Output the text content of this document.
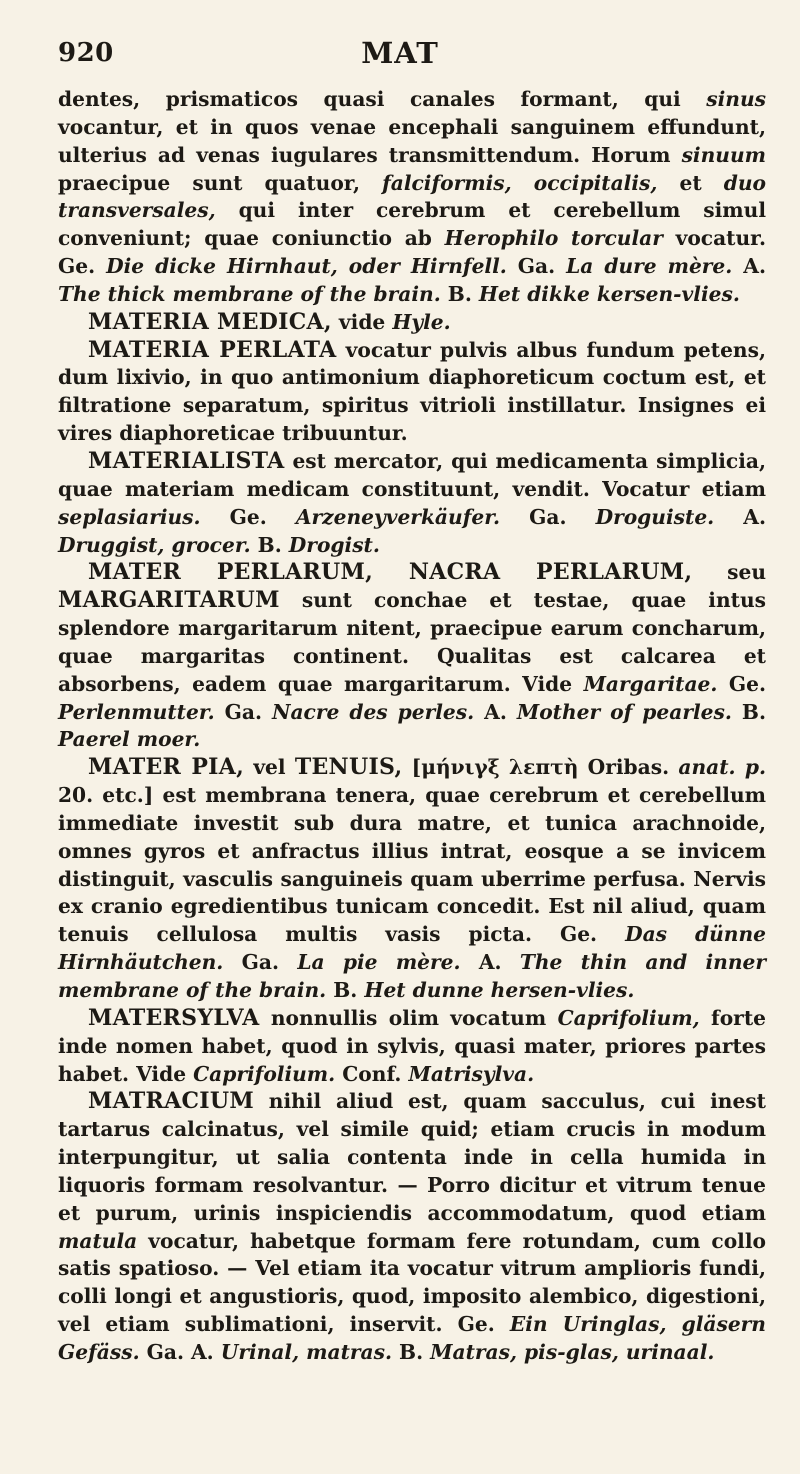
920	MAT

dentes, prismaticos quasi canales formant, qui sinus vocantur, et in quos venae encephali sanguinem effundunt, ulterius ad venas iugulares transmittendum. Horum sinuum praecipue sunt quatuor, falciformis, occipitalis, et duo transversales, qui inter cerebrum et cerebellum simul conveniunt; quae coniunctio ab Herophilo torcular vocatur. Ge. Die dicke Hirnhaut, oder Hirnfell. Ga. La dure mère. A. The thick membrane of the brain. B. Het dikke kersen-vlies.

MATERIA MEDICA, vide Hyle.

MATERIA PERLATA vocatur pulvis albus fundum petens, dum lixivio, in quo antimonium diaphoreticum coctum est, et filtratione separatum, spiritus vitrioli instillatur. Insignes ei vires diaphoreticae tribuuntur.

MATERIALISTA est mercator, qui medicamenta simplicia, quae materiam medicam constituunt, vendit. Vocatur etiam seplasiarius. Ge. Arzeneyverkäufer. Ga. Droguiste. A. Druggist, grocer. B. Drogist.

MATER PERLARUM, NACRA PERLARUM, seu MARGARITARUM sunt conchae et testae, quae intus splendore margaritarum nitent, praecipue earum concharum, quae margaritas continent. Qualitas est calcarea et absorbens, eadem quae margaritarum. Vide Margaritae. Ge. Perlenmutter. Ga. Nacre des perles. A. Mother of pearles. B. Paerel moer.

MATER PIA, vel TENUIS, [μήνιγξ λεπτὴ Oribas. anat. p. 20. etc.] est membrana tenera, quae cerebrum et cerebellum immediate investit sub dura matre, et tunica arachnoide, omnes gyros et anfractus illius intrat, eosque a se invicem distinguit, vasculis sanguineis quam uberrime perfusa. Nervis ex cranio egredientibus tunicam concedit. Est nil aliud, quam tenuis cellulosa multis vasis picta. Ge. Das dünne Hirnhäutchen. Ga. La pie mère. A. The thin and inner membrane of the brain. B. Het dunne hersen-vlies.

MATERSYLVA nonnullis olim vocatum Caprifolium, forte inde nomen habet, quod in sylvis, quasi mater, priores partes habet. Vide Caprifolium. Conf. Matrisylva.

MATRACIUM nihil aliud est, quam sacculus, cui inest tartarus calcinatus, vel simile quid; etiam crucis in modum interpungitur, ut salia contenta inde in cella humida in liquoris formam resolvantur. — Porro dicitur et vitrum tenue et purum, urinis inspiciendis accommodatum, quod etiam matula vocatur, habetque formam fere rotundam, cum collo satis spatioso. — Vel etiam ita vocatur vitrum amplioris fundi, colli longi et angustioris, quod, imposito alembico, digestioni, vel etiam sublimationi, inservit. Ge. Ein Uringlas, gläsern Gefäss. Ga. A. Urinal, matras. B. Matras, pis-glas, urinaal.
